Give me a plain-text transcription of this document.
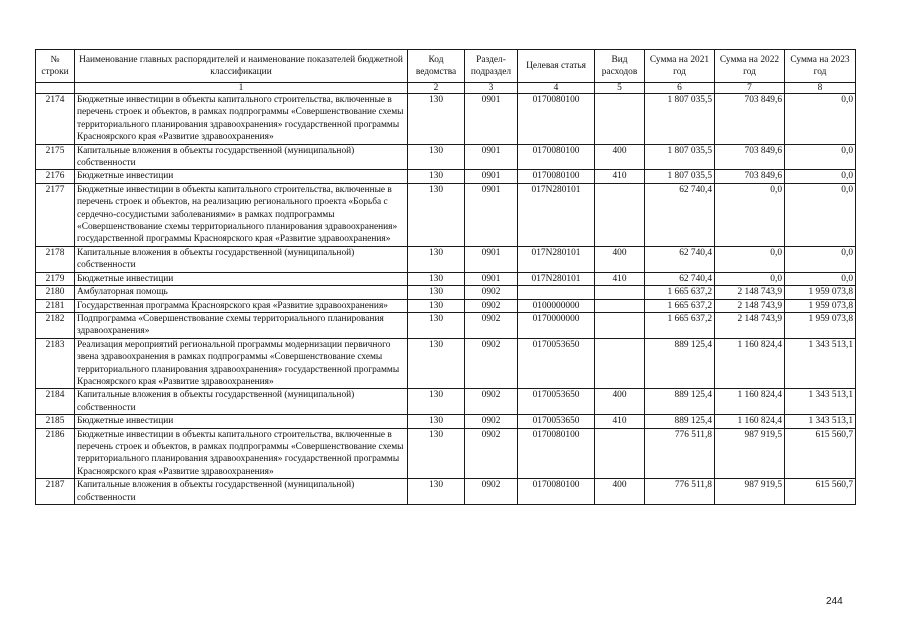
№ строки	Наименование главных распорядителей и наименование показателей бюджетной классификации	Код ведомства	Раздел-подраздел	Целевая статья	Вид расходов	Сумма на 2021 год	Сумма на 2022 год	Сумма на 2023 год
	1	2	3	4	5	6	7	8
2174	Бюджетные инвестиции в объекты капитального строительства, включенные в перечень строек и объектов, в рамках подпрограммы «Совершенствование схемы территориального планирования здравоохранения» государственной программы Красноярского края «Развитие здравоохранения»	130	0901	0170080100		1 807 035,5	703 849,6	0,0
2175	Капитальные вложения в объекты государственной (муниципальной) собственности	130	0901	0170080100	400	1 807 035,5	703 849,6	0,0
2176	Бюджетные инвестиции	130	0901	0170080100	410	1 807 035,5	703 849,6	0,0
2177	Бюджетные инвестиции в объекты капитального строительства, включенные в перечень строек и объектов, на реализацию регионального проекта «Борьба с сердечно-сосудистыми заболеваниями» в рамках подпрограммы «Совершенствование схемы территориального планирования здравоохранения» государственной программы Красноярского края «Развитие здравоохранения»	130	0901	017N280101		62 740,4	0,0	0,0
2178	Капитальные вложения в объекты государственной (муниципальной) собственности	130	0901	017N280101	400	62 740,4	0,0	0,0
2179	Бюджетные инвестиции	130	0901	017N280101	410	62 740,4	0,0	0,0
2180	Амбулаторная помощь	130	0902			1 665 637,2	2 148 743,9	1 959 073,8
2181	Государственная программа Красноярского края «Развитие здравоохранения»	130	0902	0100000000		1 665 637,2	2 148 743,9	1 959 073,8
2182	Подпрограмма «Совершенствование схемы территориального планирования здравоохранения»	130	0902	0170000000		1 665 637,2	2 148 743,9	1 959 073,8
2183	Реализация мероприятий региональной программы модернизации первичного звена здравоохранения в рамках подпрограммы «Совершенствование схемы территориального планирования здравоохранения» государственной программы Красноярского края «Развитие здравоохранения»	130	0902	0170053650		889 125,4	1 160 824,4	1 343 513,1
2184	Капитальные вложения в объекты государственной (муниципальной) собственности	130	0902	0170053650	400	889 125,4	1 160 824,4	1 343 513,1
2185	Бюджетные инвестиции	130	0902	0170053650	410	889 125,4	1 160 824,4	1 343 513,1
2186	Бюджетные инвестиции в объекты капитального строительства, включенные в перечень строек и объектов, в рамках подпрограммы «Совершенствование схемы территориального планирования здравоохранения» государственной программы Красноярского края «Развитие здравоохранения»	130	0902	0170080100		776 511,8	987 919,5	615 560,7
2187	Капитальные вложения в объекты государственной (муниципальной) собственности	130	0902	0170080100	400	776 511,8	987 919,5	615 560,7
244
